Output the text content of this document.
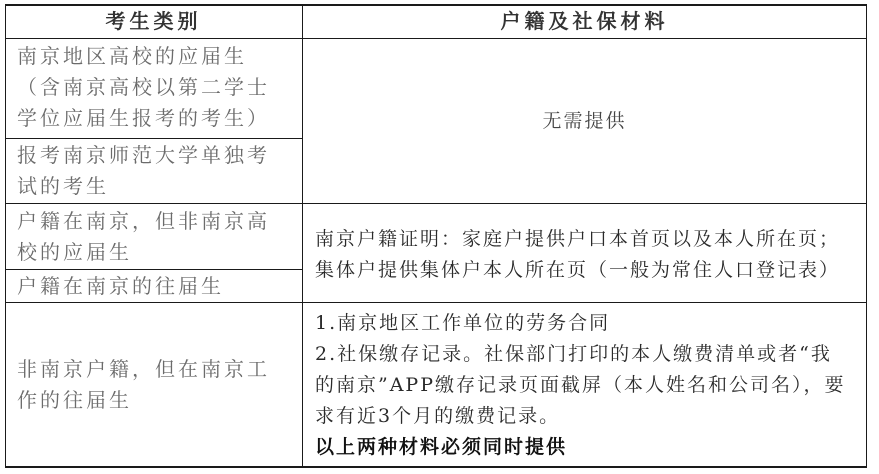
考生类别	户籍及社保材料
南京地区高校的应届生
（含南京高校以第二学士
学位应届生报考的考生）
报考南京师范大学单独考
试的考生
无需提供
户籍在南京，但非南京高
校的应届生
户籍在南京的往届生
南京户籍证明：家庭户提供户口本首页以及本人所在页；
集体户提供集体户本人所在页（一般为常住人口登记表）
非南京户籍，但在南京工
作的往届生
1.南京地区工作单位的劳务合同
2.社保缴存记录。社保部门打印的本人缴费清单或者“我
的南京”APP缴存记录页面截屏（本人姓名和公司名），要
求有近3个月的缴费记录。
以上两种材料必须同时提供
